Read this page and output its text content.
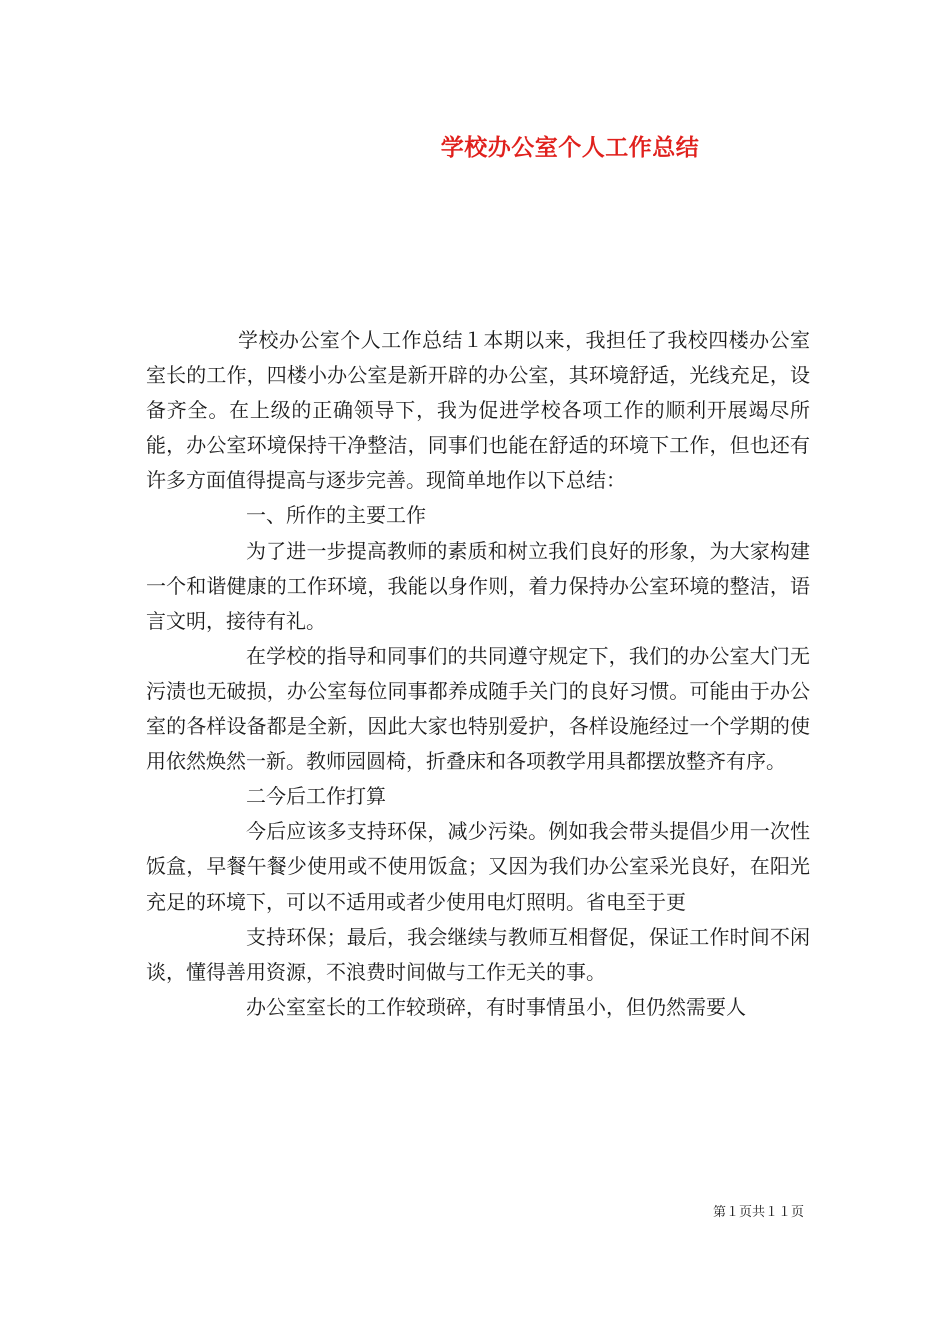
学校办公室个人工作总结

学校办公室个人工作总结１本期以来，我担任了我校四楼办公室室长的工作，四楼小办公室是新开辟的办公室，其环境舒适，光线充足，设备齐全。在上级的正确领导下，我为促进学校各项工作的顺利开展竭尽所能，办公室环境保持干净整洁，同事们也能在舒适的环境下工作，但也还有许多方面值得提高与逐步完善。现简单地作以下总结：

一、所作的主要工作

为了进一步提高教师的素质和树立我们良好的形象，为大家构建一个和谐健康的工作环境，我能以身作则，着力保持办公室环境的整洁，语言文明，接待有礼。

在学校的指导和同事们的共同遵守规定下，我们的办公室大门无污渍也无破损，办公室每位同事都养成随手关门的良好习惯。可能由于办公室的各样设备都是全新，因此大家也特别爱护，各样设施经过一个学期的使用依然焕然一新。教师园圆椅，折叠床和各项教学用具都摆放整齐有序。

二今后工作打算

今后应该多支持环保，减少污染。例如我会带头提倡少用一次性饭盒，早餐午餐少使用或不使用饭盒；又因为我们办公室采光良好，在阳光充足的环境下，可以不适用或者少使用电灯照明。省电至于更

支持环保；最后，我会继续与教师互相督促，保证工作时间不闲谈，懂得善用资源，不浪费时间做与工作无关的事。

办公室室长的工作较琐碎，有时事情虽小，但仍然需要人

第１页共１１页
